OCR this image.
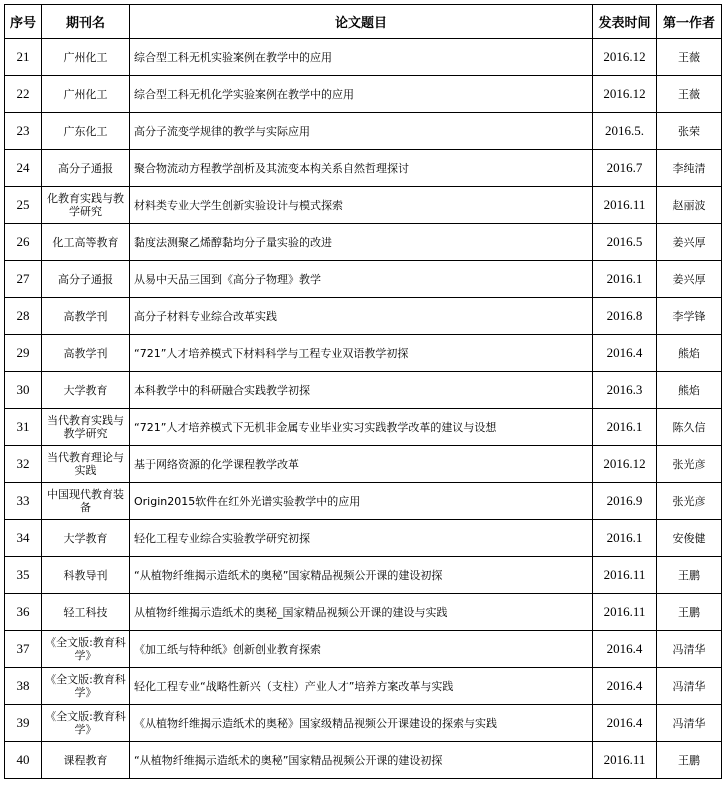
序号	期刊名	论文题目	发表时间	第一作者
21	广州化工	综合型工科无机实验案例在教学中的应用	2016.12	王薇
22	广州化工	综合型工科无机化学实验案例在教学中的应用	2016.12	王薇
23	广东化工	高分子流变学规律的教学与实际应用	2016.5.	张荣
24	高分子通报	聚合物流动方程教学剖析及其流变本构关系自然哲理探讨	2016.7	李纯清
25	化教育实践与教学研究	材料类专业大学生创新实验设计与模式探索	2016.11	赵丽波
26	化工高等教育	黏度法测聚乙烯醇黏均分子量实验的改进	2016.5	姜兴厚
27	高分子通报	从易中天品三国到《高分子物理》教学	2016.1	姜兴厚
28	高教学刊	高分子材料专业综合改革实践	2016.8	李学锋
29	高教学刊	“721”人才培养模式下材料科学与工程专业双语教学初探	2016.4	熊焰
30	大学教育	本科教学中的科研融合实践教学初探	2016.3	熊焰
31	当代教育实践与教学研究	“721”人才培养模式下无机非金属专业毕业实习实践教学改革的建议与设想	2016.1	陈久信
32	当代教育理论与实践	基于网络资源的化学课程教学改革	2016.12	张光彦
33	中国现代教育装备	Origin2015软件在红外光谱实验教学中的应用	2016.9	张光彦
34	大学教育	轻化工程专业综合实验教学研究初探	2016.1	安俊健
35	科教导刊	“从植物纤维揭示造纸术的奥秘”国家精品视频公开课的建设初探	2016.11	王鹏
36	轻工科技	从植物纤维揭示造纸术的奥秘_国家精品视频公开课的建设与实践	2016.11	王鹏
37	《全文版:教育科学》	《加工纸与特种纸》创新创业教育探索	2016.4	冯清华
38	《全文版:教育科学》	轻化工程专业“战略性新兴（支柱）产业人才”培养方案改革与实践	2016.4	冯清华
39	《全文版:教育科学》	《从植物纤维揭示造纸术的奥秘》国家级精品视频公开课建设的探索与实践	2016.4	冯清华
40	课程教育	“从植物纤维揭示造纸术的奥秘”国家精品视频公开课的建设初探	2016.11	王鹏
